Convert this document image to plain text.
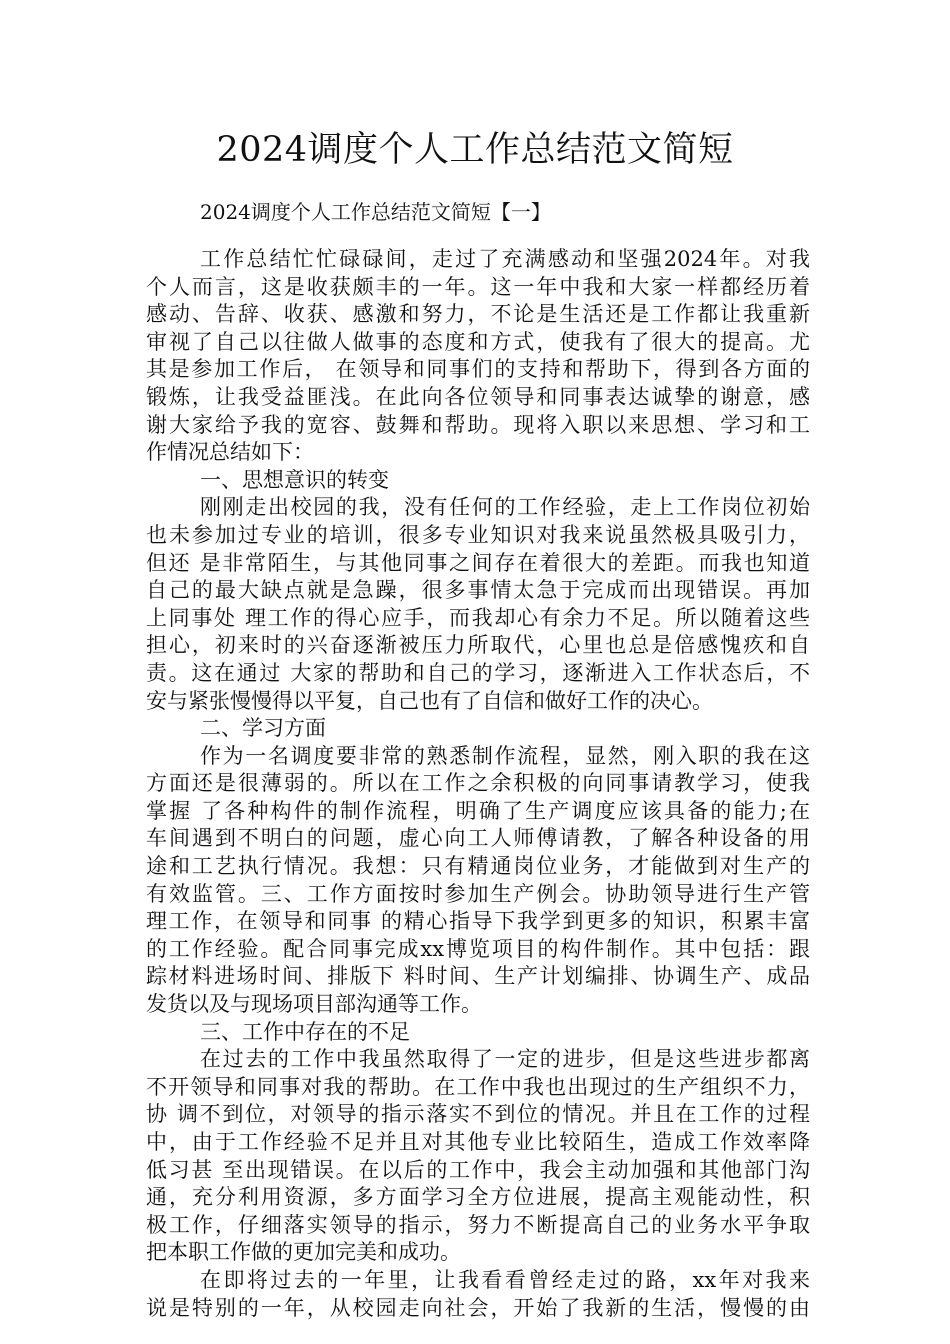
2024调度个人工作总结范文简短

2024调度个人工作总结范文简短【一】

工作总结忙忙碌碌间，走过了充满感动和坚强2024年。对我

个人而言，这是收获颇丰的一年。这一年中我和大家一样都经历着

感动、告辞、收获、感激和努力，不论是生活还是工作都让我重新

审视了自己以往做人做事的态度和方式，使我有了很大的提高。尤

其是参加工作后， 在领导和同事们的支持和帮助下，得到各方面的

锻炼，让我受益匪浅。在此向各位领导和同事表达诚挚的谢意，感

谢大家给予我的宽容、鼓舞和帮助。现将入职以来思想、学习和工

作情况总结如下：

一、思想意识的转变

刚刚走出校园的我，没有任何的工作经验，走上工作岗位初始

也未参加过专业的培训，很多专业知识对我来说虽然极具吸引力，

但还 是非常陌生，与其他同事之间存在着很大的差距。而我也知道

自己的最大缺点就是急躁，很多事情太急于完成而出现错误。再加

上同事处 理工作的得心应手，而我却心有余力不足。所以随着这些

担心，初来时的兴奋逐渐被压力所取代，心里也总是倍感愧疚和自

责。这在通过 大家的帮助和自己的学习，逐渐进入工作状态后，不

安与紧张慢慢得以平复，自己也有了自信和做好工作的决心。

二、学习方面

作为一名调度要非常的熟悉制作流程，显然，刚入职的我在这

方面还是很薄弱的。所以在工作之余积极的向同事请教学习，使我

掌握 了各种构件的制作流程，明确了生产调度应该具备的能力;在

车间遇到不明白的问题，虚心向工人师傅请教，了解各种设备的用

途和工艺执行情况。我想：只有精通岗位业务，才能做到对生产的

有效监管。三、工作方面按时参加生产例会。协助领导进行生产管

理工作，在领导和同事 的精心指导下我学到更多的知识，积累丰富

的工作经验。配合同事完成xx博览项目的构件制作。其中包括：跟

踪材料进场时间、排版下 料时间、生产计划编排、协调生产、成品

发货以及与现场项目部沟通等工作。

三、工作中存在的不足

在过去的工作中我虽然取得了一定的进步，但是这些进步都离

不开领导和同事对我的帮助。在工作中我也出现过的生产组织不力，

协 调不到位，对领导的指示落实不到位的情况。并且在工作的过程

中，由于工作经验不足并且对其他专业比较陌生，造成工作效率降

低习甚 至出现错误。在以后的工作中，我会主动加强和其他部门沟

通，充分利用资源，多方面学习全方位进展，提高主观能动性，积

极工作，仔细落实领导的指示，努力不断提高自己的业务水平争取

把本职工作做的更加完美和成功。

在即将过去的一年里，让我看看曾经走过的路，xx年对我来

说是特别的一年，从校园走向社会，开始了我新的生活，慢慢的由
